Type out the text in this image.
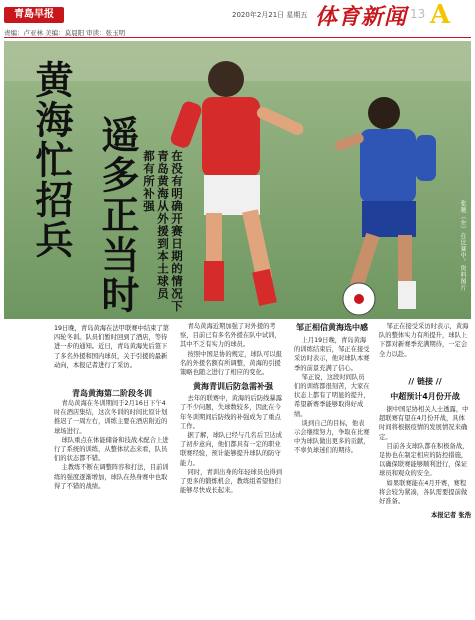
青島早报	2020年2月21日 星期五 体育新闻 13 A
责编：卢亚林 美编：莫晨阳 审读：张玉明
黄海忙招兵 遥多正当时	在没有明确开赛日期的情况下
青岛黄海从外援到本土球员
都有所补强
张驰（左）在比赛中。资料图片
19日晚，青岛黄海在法甲联赛中结束了第四轮冬训。队员们暂时回到了酒店，等待进一步的通知。近日，青岛黄海先后签下了多名外援和国内球员，关于引援的最新动向，本报记者进行了采访。
青岛黄海第二阶段冬训

青岛黄海在冬训期间于2月16日下午4时在酒店集结，这次冬训的时间比原计划推迟了一周左右，训练主要在酒店附近的球场进行。

球队重点在体能储备和技战术配合上进行了系统的训练，从整体状态来看，队员们的状态都不错。

主教练不断在调整阵容和打法，目前训练的强度逐渐增加，球队在热身赛中也取得了不错的战绩。

青岛黄海近期加强了对外援的考察，目前已有多名外援在队中试训，其中不乏有实力的球员。

按照中国足协的规定，球队可以报名的外援名额有所调整，黄海的引援策略也随之进行了相应的变化。

黄海青训后防急需补强

去年的联赛中，黄海的后防线暴露了不少问题，失球数较多，因此在今年冬训期间后防线的补强成为了重点工作。

据了解，球队已经与几名后卫达成了初步意向，他们都具有一定的职业联赛经验，预计能够提升球队的防守能力。

同时，青训出身的年轻球员也得到了更多的锻炼机会，教练组希望他们能够尽快成长起来。

邹正相信黄海选中感

上月19日晚，青岛黄海的训练结束后，邹正在接受采访时表示，他对球队本赛季的前景充满了信心。

邹正说，这段时间队员们的训练都很刻苦，大家在状态上都有了明显的提升，希望新赛季能够取得好成绩。

谈到自己的目标，他表示会继续努力，争取在比赛中为球队做出更多的贡献，不辜负球迷们的期待。

邹正在接受采访时表示，黄海队的整体实力有所提升，球队上下都对新赛季充满期待，一定会全力以赴。

// 链接 //
中超预计4月份开战

据中国足协相关人士透露，中超联赛有望在4月份开战，具体时间将根据疫情的发展情况来确定。

目前各支球队都在积极备战，足协也在制定相应的防控措施，以确保联赛能够顺利进行，保证球员和观众的安全。

如果联赛能在4月开赛，赛程将会较为紧凑，各队需要提前做好准备。

本报记者 张浩
